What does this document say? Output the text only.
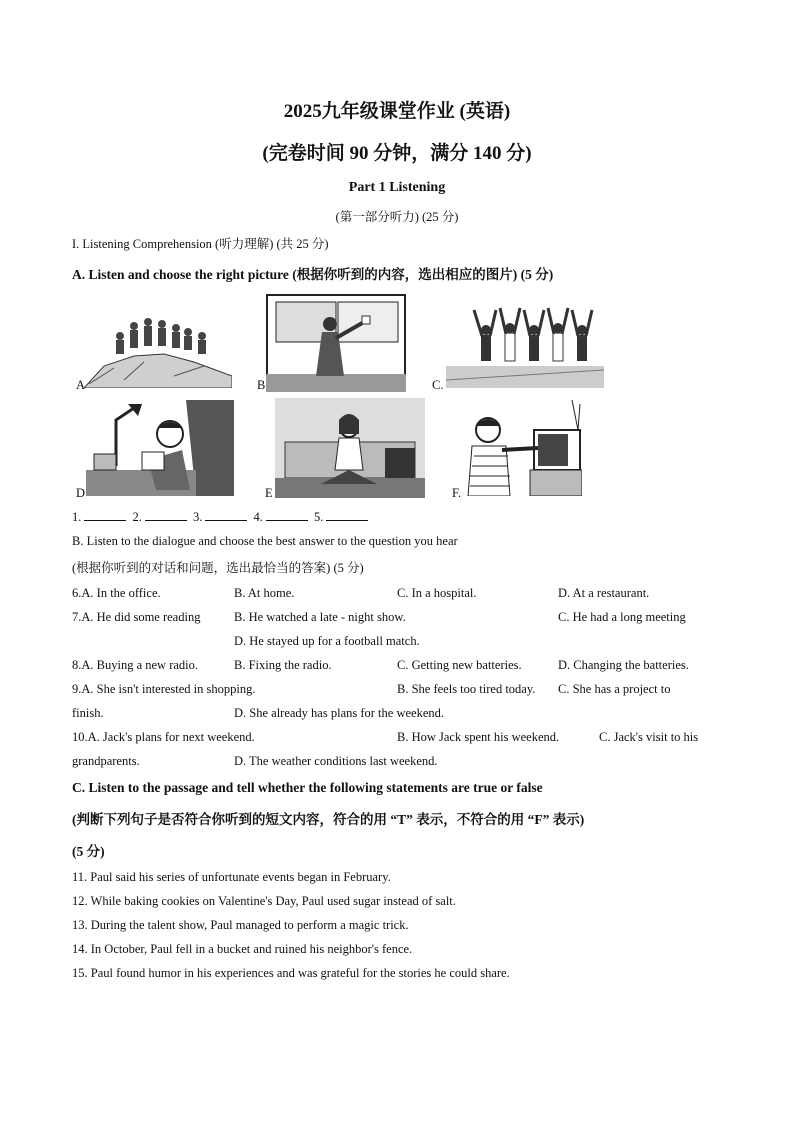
2025九年级课堂作业 (英语)
(完卷时间 90 分钟，满分 140 分)
Part 1 Listening
(第一部分听力) (25 分)
I. Listening Comprehension (听力理解) (共 25 分)
A. Listen and choose the right picture (根据你听到的内容，选出相应的图片) (5 分)
A	B	C.
D	E	F.
1.	2.	3.	4.	5.
B. Listen to the dialogue and choose the best answer to the question you hear
(根据你听到的对话和问题，选出最恰当的答案) (5 分)
6.A. In the office.	B. At home.	C. In a hospital.	D. At a restaurant.
7.A. He did some reading	B. He watched a late - night show.	C. He had a long meeting
D. He stayed up for a football match.
8.A. Buying a new radio.	B. Fixing the radio.	C. Getting new batteries.	D. Changing the batteries.
9.A. She isn't interested in shopping.	B. She feels too tired today. C. She has a project to
finish.	D. She already has plans for the weekend.
10.A. Jack's plans for next weekend.	B. How Jack spent his weekend.	C. Jack's visit to his
grandparents.	D. The weather conditions last weekend.
C. Listen to the passage and tell whether the following statements are true or false
(判断下列句子是否符合你听到的短文内容，符合的用 “T” 表示，不符合的用 “F” 表示)
(5 分)
11. Paul said his series of unfortunate events began in February.
12. While baking cookies on Valentine's Day, Paul used sugar instead of salt.
13. During the talent show, Paul managed to perform a magic trick.
14. In October, Paul fell in a bucket and ruined his neighbor's fence.
15. Paul found humor in his experiences and was grateful for the stories he could share.
